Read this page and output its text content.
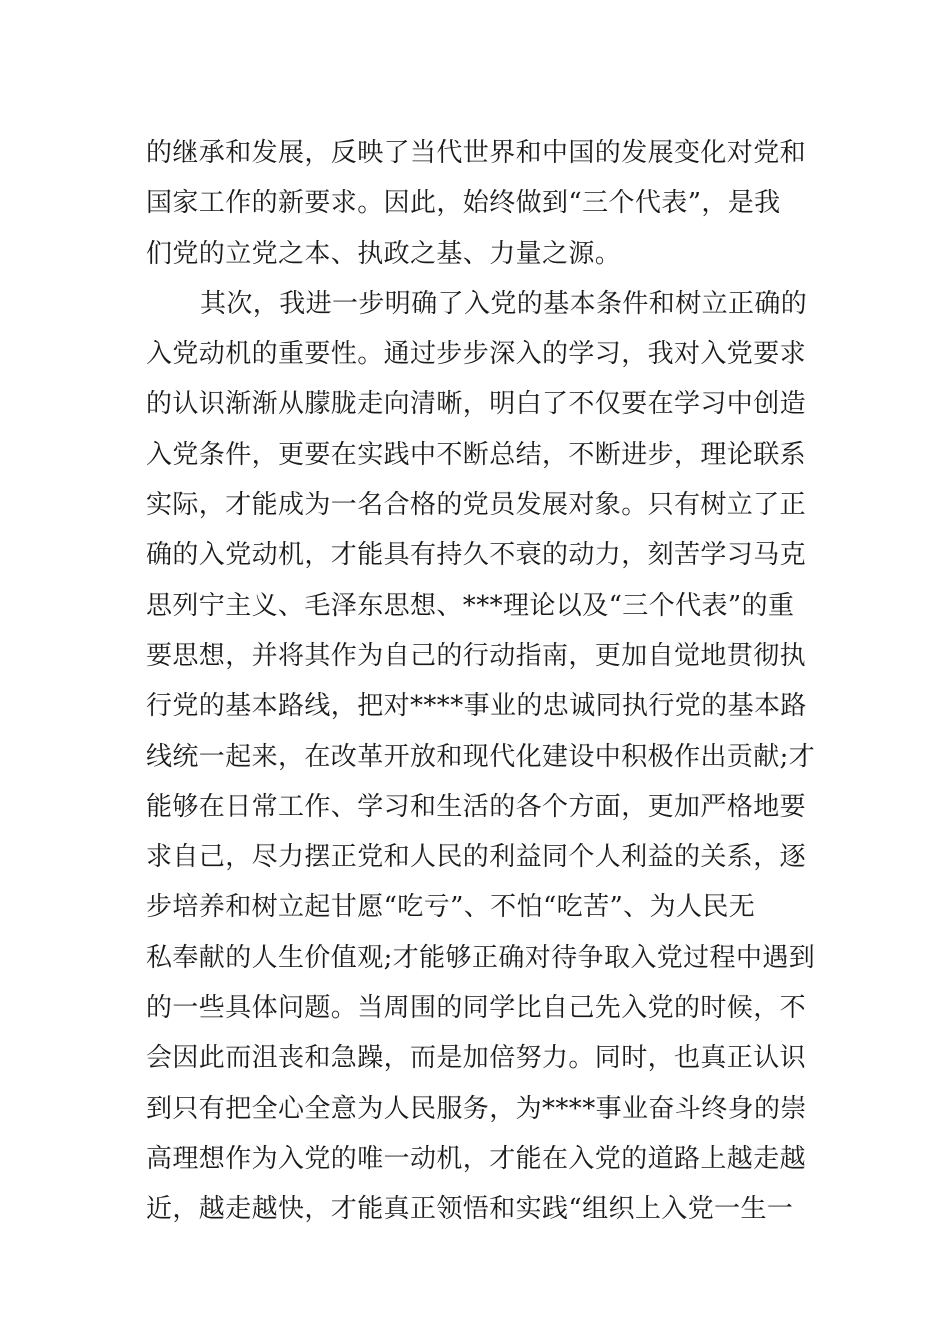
的继承和发展，反映了当代世界和中国的发展变化对党和
国家工作的新要求。因此，始终做到“三个代表”，是我
们党的立党之本、执政之基、力量之源。
其次，我进一步明确了入党的基本条件和树立正确的
入党动机的重要性。通过步步深入的学习，我对入党要求
的认识渐渐从朦胧走向清晰，明白了不仅要在学习中创造
入党条件，更要在实践中不断总结，不断进步，理论联系
实际，才能成为一名合格的党员发展对象。只有树立了正
确的入党动机，才能具有持久不衰的动力，刻苦学习马克
思列宁主义、毛泽东思想、***理论以及“三个代表”的重
要思想，并将其作为自己的行动指南，更加自觉地贯彻执
行党的基本路线，把对****事业的忠诚同执行党的基本路
线统一起来，在改革开放和现代化建设中积极作出贡献;才
能够在日常工作、学习和生活的各个方面，更加严格地要
求自己，尽力摆正党和人民的利益同个人利益的关系，逐
步培养和树立起甘愿“吃亏”、不怕“吃苦”、为人民无
私奉献的人生价值观;才能够正确对待争取入党过程中遇到
的一些具体问题。当周围的同学比自己先入党的时候，不
会因此而沮丧和急躁，而是加倍努力。同时，也真正认识
到只有把全心全意为人民服务，为****事业奋斗终身的崇
高理想作为入党的唯一动机，才能在入党的道路上越走越
近，越走越快，才能真正领悟和实践“组织上入党一生一
